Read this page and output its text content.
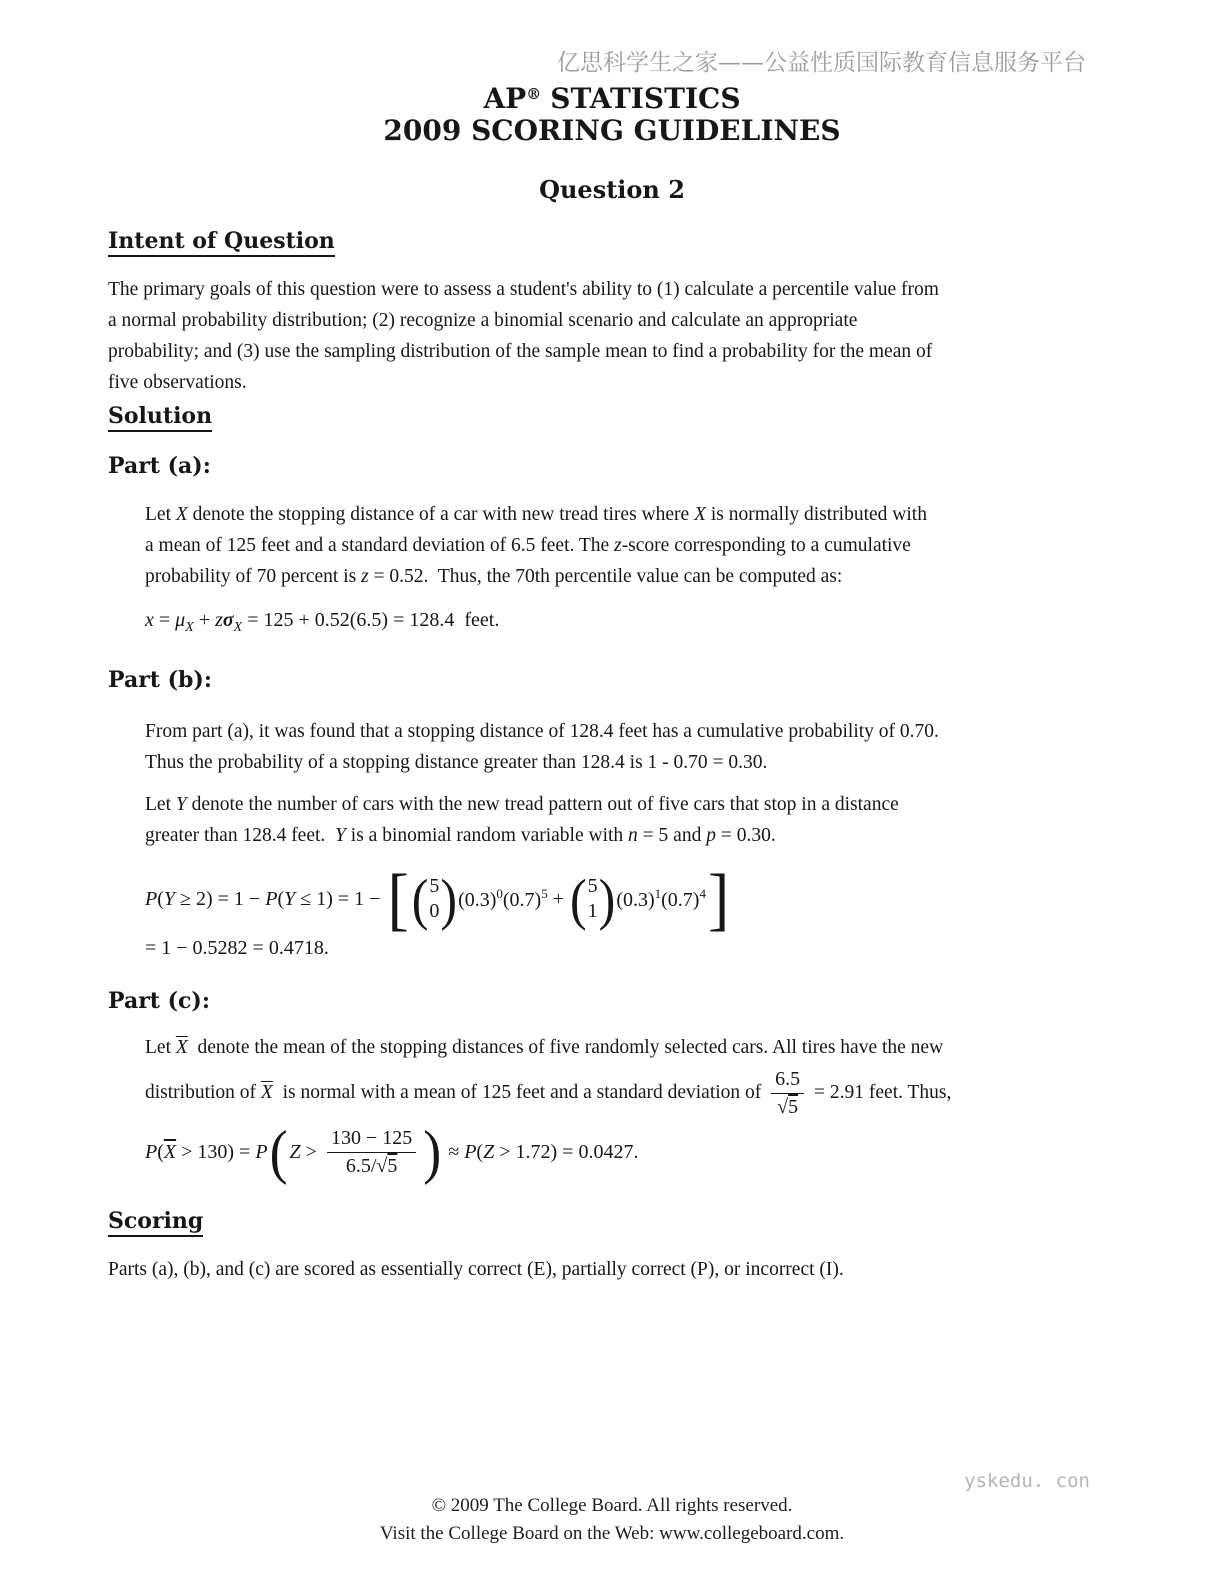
亿思科学生之家——公益性质国际教育信息服务平台
AP® STATISTICS
2009 SCORING GUIDELINES
Question 2
Intent of Question
The primary goals of this question were to assess a student's ability to (1) calculate a percentile value from
a normal probability distribution; (2) recognize a binomial scenario and calculate an appropriate
probability; and (3) use the sampling distribution of the sample mean to find a probability for the mean of
five observations.
Solution
Part (a):
Let X denote the stopping distance of a car with new tread tires where X is normally distributed with
a mean of 125 feet and a standard deviation of 6.5 feet. The z-score corresponding to a cumulative
probability of 70 percent is z = 0.52.  Thus, the 70th percentile value can be computed as:
$x = \mu_X + z\sigma_X = 125 + 0.52(6.5) = 128.4$  feet.
Part (b):
From part (a), it was found that a stopping distance of 128.4 feet has a cumulative probability of 0.70.
Thus the probability of a stopping distance greater than 128.4 is 1 - 0.70 = 0.30.
Let Y denote the number of cars with the new tread pattern out of five cars that stop in a distance
greater than 128.4 feet.  Y is a binomial random variable with n = 5 and p = 0.30.
P(Y ≥ 2) = 1 − P(Y ≤ 1) = 1 − [ ( 5
0 ) $(0.3)^0(0.7)^5$ + ( 5
1 ) $(0.3)^1(0.7)^4$ ]
= 1 − 0.5282 = 0.4718.
Part (c):
Let $\overline{X}$  denote the mean of the stopping distances of five randomly selected cars. All tires have the new
distribution of $\overline{X}$  is normal with a mean of 125 feet and a standard deviation of $\frac{6.5}{√5} = 2.91$ feet. Thus,
$P(\overline{X} > 130) = P$ ( $Z > \frac{130 - 125}{6.5/√5}$ ) ≈ P(Z > 1.72) = 0.0427.
Scoring
Parts (a), (b), and (c) are scored as essentially correct (E), partially correct (P), or incorrect (I).
© 2009 The College Board. All rights reserved.
Visit the College Board on the Web: www.collegeboard.com.
yskedu. con
